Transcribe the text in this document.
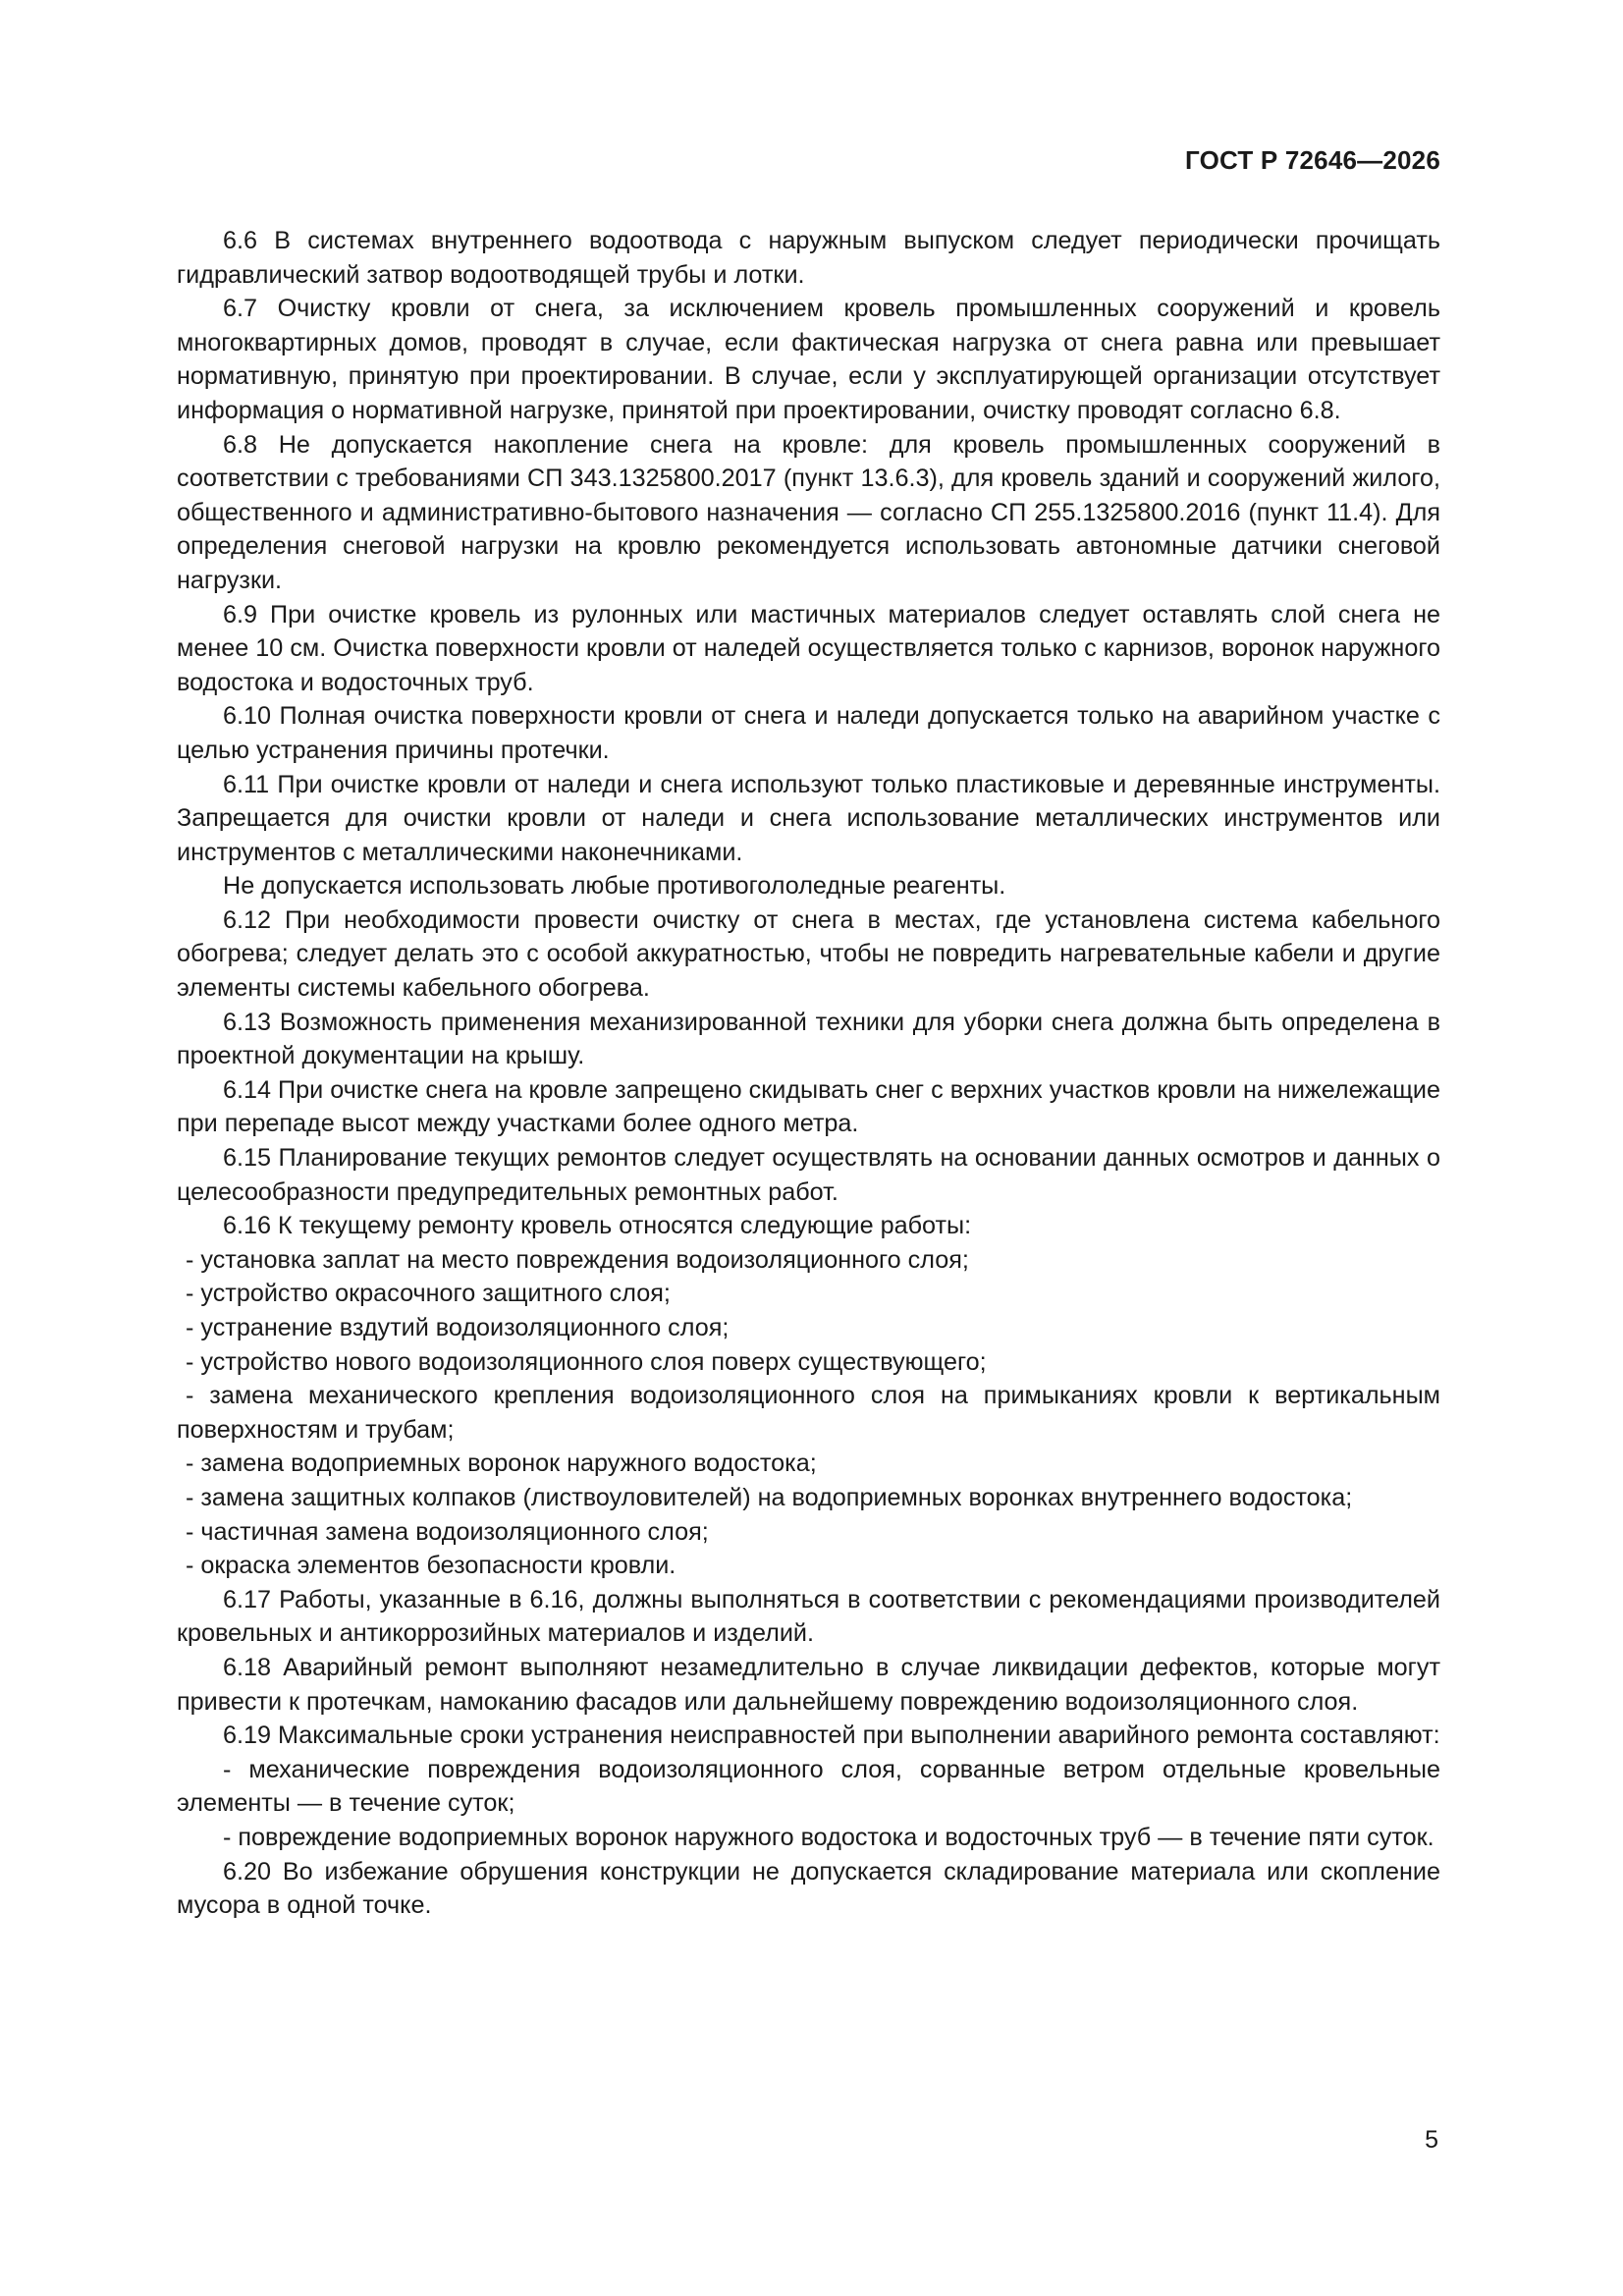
ГОСТ Р 72646—2026

6.6 В системах внутреннего водоотвода с наружным выпуском следует периодически прочищать гидравлический затвор водоотводящей трубы и лотки.

6.7 Очистку кровли от снега, за исключением кровель промышленных сооружений и кровель многоквартирных домов, проводят в случае, если фактическая нагрузка от снега равна или превышает нормативную, принятую при проектировании. В случае, если у эксплуатирующей организации отсутствует информация о нормативной нагрузке, принятой при проектировании, очистку проводят согласно 6.8.

6.8 Не допускается накопление снега на кровле: для кровель промышленных сооружений в соответствии с требованиями СП 343.1325800.2017 (пункт 13.6.3), для кровель зданий и сооружений жилого, общественного и административно-бытового назначения — согласно СП 255.1325800.2016 (пункт 11.4). Для определения снеговой нагрузки на кровлю рекомендуется использовать автономные датчики снеговой нагрузки.

6.9 При очистке кровель из рулонных или мастичных материалов следует оставлять слой снега не менее 10 см. Очистка поверхности кровли от наледей осуществляется только с карнизов, воронок наружного водостока и водосточных труб.

6.10 Полная очистка поверхности кровли от снега и наледи допускается только на аварийном участке с целью устранения причины протечки.

6.11 При очистке кровли от наледи и снега используют только пластиковые и деревянные инструменты. Запрещается для очистки кровли от наледи и снега использование металлических инструментов или инструментов с металлическими наконечниками.

Не допускается использовать любые противогололедные реагенты.

6.12 При необходимости провести очистку от снега в местах, где установлена система кабельного обогрева; следует делать это с особой аккуратностью, чтобы не повредить нагревательные кабели и другие элементы системы кабельного обогрева.

6.13 Возможность применения механизированной техники для уборки снега должна быть определена в проектной документации на крышу.

6.14 При очистке снега на кровле запрещено скидывать снег с верхних участков кровли на нижележащие при перепаде высот между участками более одного метра.

6.15 Планирование текущих ремонтов следует осуществлять на основании данных осмотров и данных о целесообразности предупредительных ремонтных работ.

6.16 К текущему ремонту кровель относятся следующие работы:

- установка заплат на место повреждения водоизоляционного слоя;

- устройство окрасочного защитного слоя;

- устранение вздутий водоизоляционного слоя;

- устройство нового водоизоляционного слоя поверх существующего;

- замена механического крепления водоизоляционного слоя на примыканиях кровли к вертикальным поверхностям и трубам;

- замена водоприемных воронок наружного водостока;

- замена защитных колпаков (листвоуловителей) на водоприемных воронках внутреннего водостока;

- частичная замена водоизоляционного слоя;

- окраска элементов безопасности кровли.

6.17 Работы, указанные в 6.16, должны выполняться в соответствии с рекомендациями производителей кровельных и антикоррозийных материалов и изделий.

6.18 Аварийный ремонт выполняют незамедлительно в случае ликвидации дефектов, которые могут привести к протечкам, намоканию фасадов или дальнейшему повреждению водоизоляционного слоя.

6.19 Максимальные сроки устранения неисправностей при выполнении аварийного ремонта составляют:

- механические повреждения водоизоляционного слоя, сорванные ветром отдельные кровельные элементы — в течение суток;

- повреждение водоприемных воронок наружного водостока и водосточных труб — в течение пяти суток.

6.20 Во избежание обрушения конструкции не допускается складирование материала или скопление мусора в одной точке.

5
